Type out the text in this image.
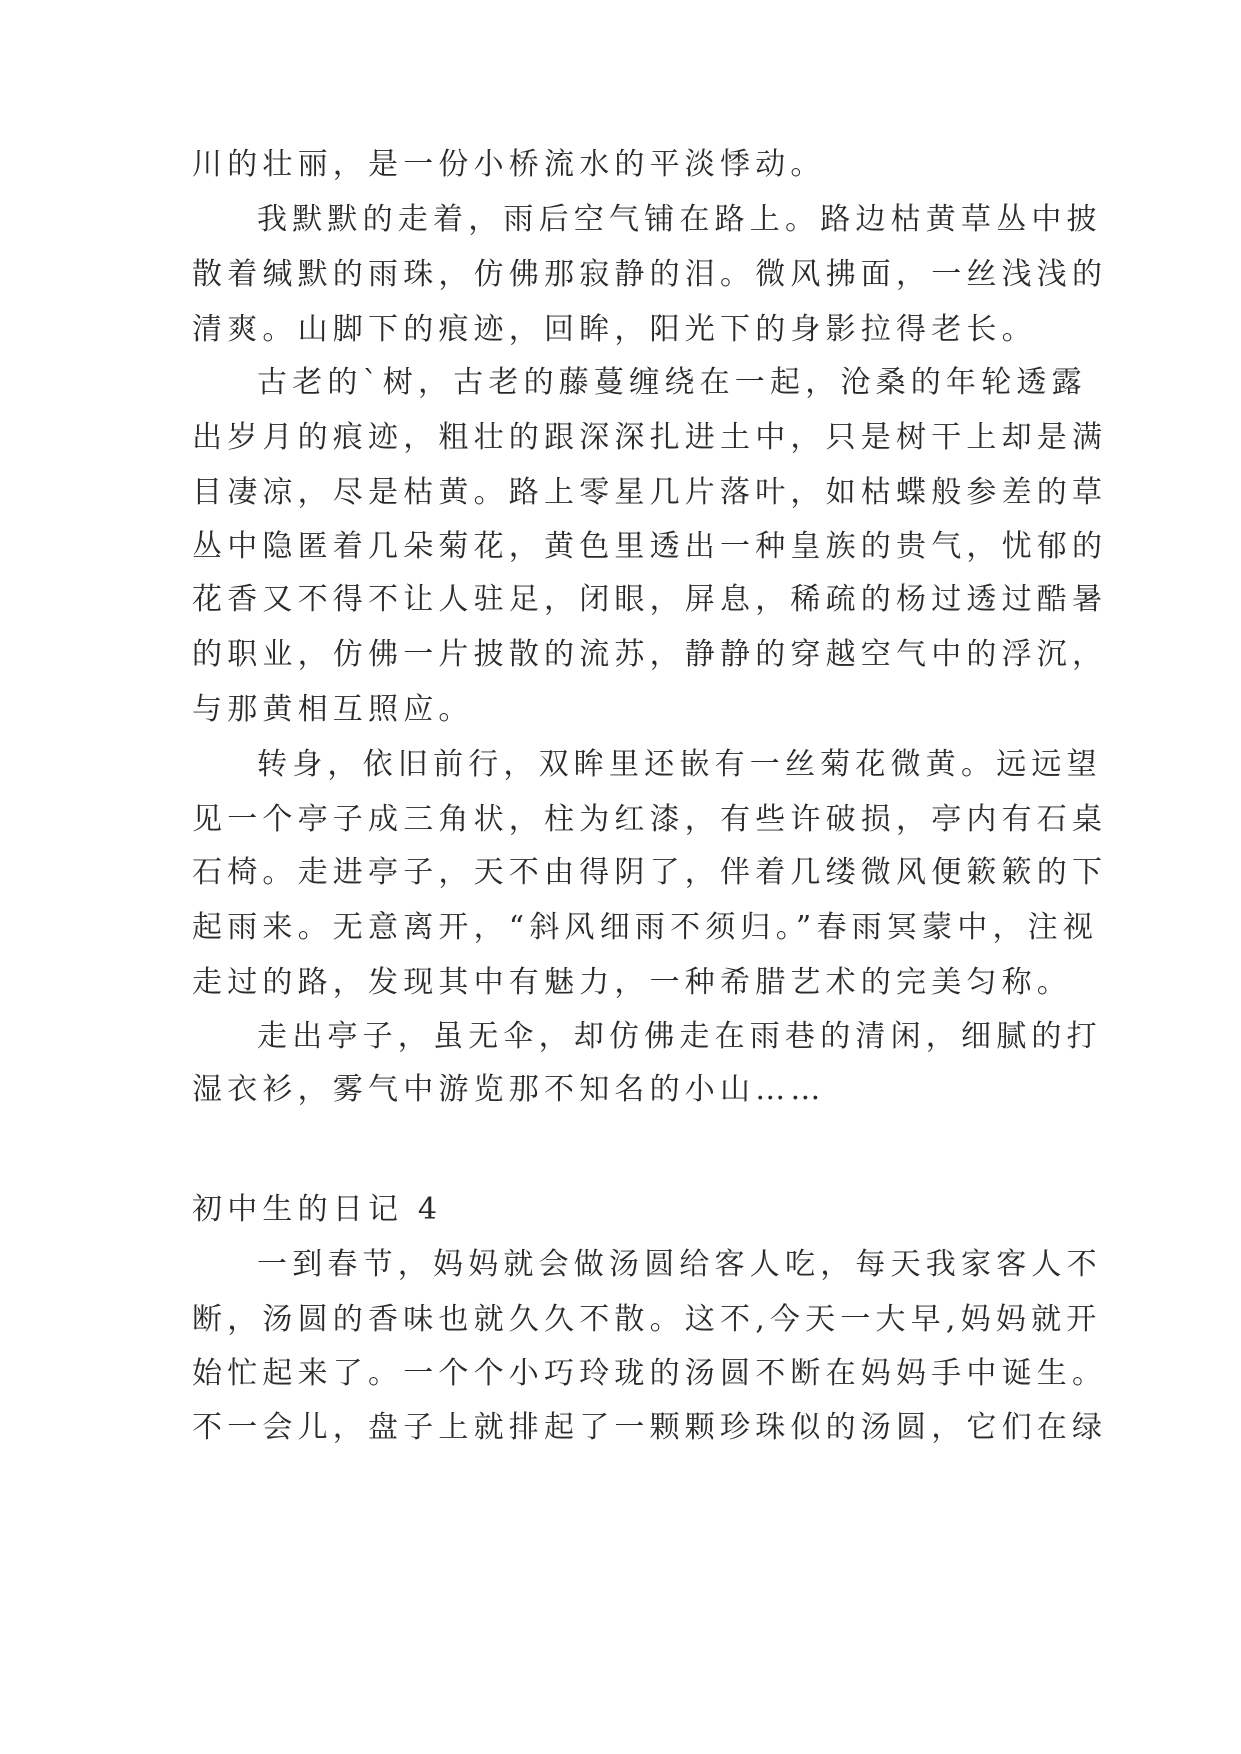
川的壮丽，是一份小桥流水的平淡悸动。
我默默的走着，雨后空气铺在路上。路边枯黄草丛中披
散着缄默的雨珠，仿佛那寂静的泪。微风拂面，一丝浅浅的
清爽。山脚下的痕迹，回眸，阳光下的身影拉得老长。
古老的`树，古老的藤蔓缠绕在一起，沧桑的年轮透露
出岁月的痕迹，粗壮的跟深深扎进土中，只是树干上却是满
目凄凉，尽是枯黄。路上零星几片落叶，如枯蝶般参差的草
丛中隐匿着几朵菊花，黄色里透出一种皇族的贵气，忧郁的
花香又不得不让人驻足，闭眼，屏息，稀疏的杨过透过酷暑
的职业，仿佛一片披散的流苏，静静的穿越空气中的浮沉，
与那黄相互照应。
转身，依旧前行，双眸里还嵌有一丝菊花微黄。远远望
见一个亭子成三角状，柱为红漆，有些许破损，亭内有石桌
石椅。走进亭子，天不由得阴了，伴着几缕微风便簌簌的下
起雨来。无意离开，“斜风细雨不须归。”春雨冥蒙中，注视
走过的路，发现其中有魅力，一种希腊艺术的完美匀称。
走出亭子，虽无伞，却仿佛走在雨巷的清闲，细腻的打
湿衣衫，雾气中游览那不知名的小山……
初中生的日记 4
一到春节，妈妈就会做汤圆给客人吃，每天我家客人不
断，汤圆的香味也就久久不散。这不,今天一大早,妈妈就开
始忙起来了。一个个小巧玲珑的汤圆不断在妈妈手中诞生。
不一会儿，盘子上就排起了一颗颗珍珠似的汤圆，它们在绿
